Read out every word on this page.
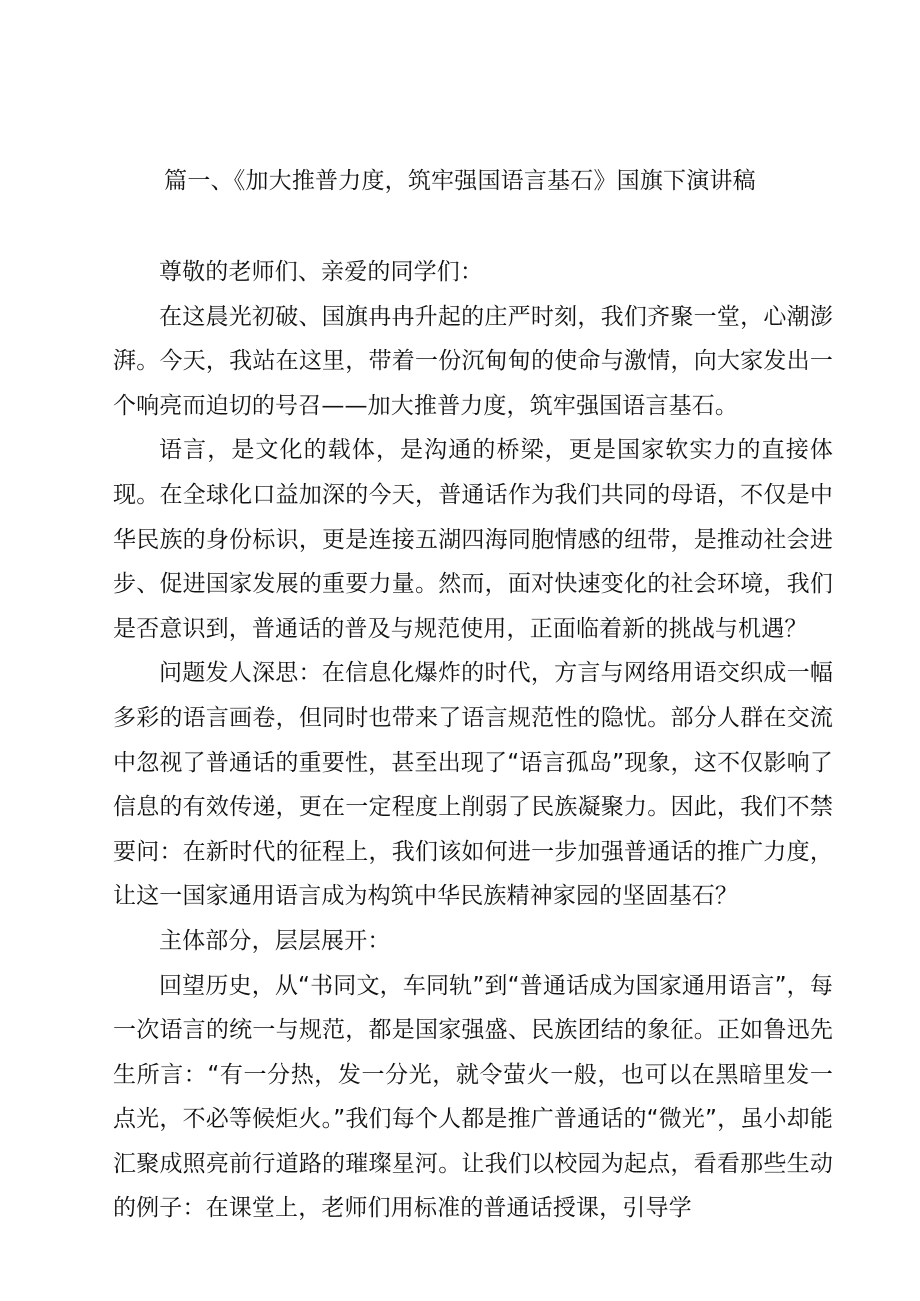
篇一、《加大推普力度，筑牢强国语言基石》国旗下演讲稿

尊敬的老师们、亲爱的同学们：

在这晨光初破、国旗冉冉升起的庄严时刻，我们齐聚一堂，心潮澎湃。今天，我站在这里，带着一份沉甸甸的使命与激情，向大家发出一个响亮而迫切的号召——加大推普力度，筑牢强国语言基石。

语言，是文化的载体，是沟通的桥梁，更是国家软实力的直接体现。在全球化口益加深的今天，普通话作为我们共同的母语，不仅是中华民族的身份标识，更是连接五湖四海同胞情感的纽带，是推动社会进步、促进国家发展的重要力量。然而，面对快速变化的社会环境，我们是否意识到，普通话的普及与规范使用，正面临着新的挑战与机遇？

问题发人深思：在信息化爆炸的时代，方言与网络用语交织成一幅多彩的语言画卷，但同时也带来了语言规范性的隐忧。部分人群在交流中忽视了普通话的重要性，甚至出现了“语言孤岛”现象，这不仅影响了信息的有效传递，更在一定程度上削弱了民族凝聚力。因此，我们不禁要问：在新时代的征程上，我们该如何进一步加强普通话的推广力度，让这一国家通用语言成为构筑中华民族精神家园的坚固基石？

主体部分，层层展开：

回望历史，从“书同文，车同轨”到“普通话成为国家通用语言”，每一次语言的统一与规范，都是国家强盛、民族团结的象征。正如鲁迅先生所言：“有一分热，发一分光，就令萤火一般，也可以在黑暗里发一点光，不必等候炬火。”我们每个人都是推广普通话的“微光”，虽小却能汇聚成照亮前行道路的璀璨星河。让我们以校园为起点，看看那些生动的例子：在课堂上，老师们用标准的普通话授课，引导学
